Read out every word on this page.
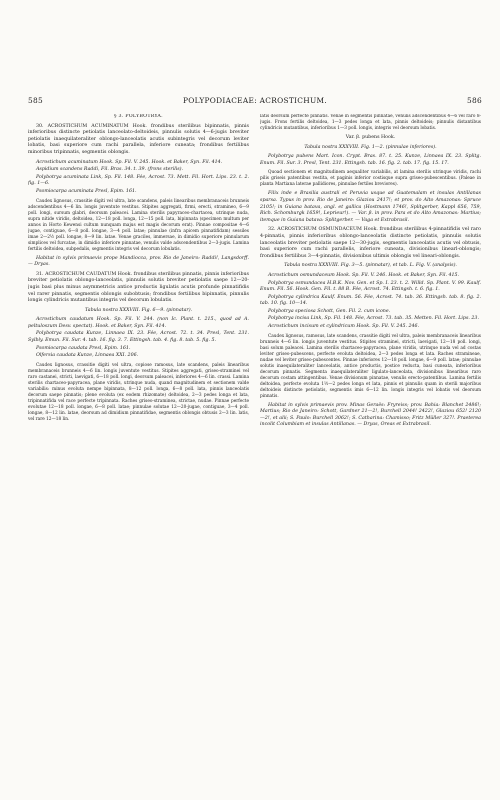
585	POLYPODIACEAE: ACROSTICHUM.	586

§ 3. POLYBOTRYA.

30. ACROSTICHUM ACUMINATUM Hook. frondibus sterilibus bipinnatis, pinnis inferioribus distincte petiolatis lanceolato-deltoideis, pinnulis solutis 4—6-jugis breviter petiolatis inaequilateraliter oblongo-lanceolatis acutis subintegris vel decorum leviter lobatis, basi superiore cum rachi parallela, inferiore cuneata; frondibus fertilibus minoribus tripinnatis, segmentis oblongis.

Acrostichum acuminatum Hook. Sp. Fil. V. 245. Hook. et Baker, Syn. Fil. 414.

Aspidium scandens Raddi, Fil. Bras. 34. t. 39. (frons sterilis).

Polybotrya acuminata Link, Sp. Fil. 148. Fée, Acrost. 73. Mett. Fil. Hort. Lips. 23. t. 2. fig. 1—6.

Psomiocarpa acuminata Presl, Epim. 161.

Caudex lignosus, crassitie digiti vel ultra, late scandens, paleis linearibus membranaceis brunneis adscendentibus 4—6 lin. longis juventute vestitus. Stipites aggregati, firmi, erecti, stramineo, 6—9 poll. longi, sursum glabri, deorsum paleacei. Lamina sterilis papyraceo-chartacea, utrinque nuda, supra nitide viridis, deltoidea, 12—18 poll. longa, 12—15 poll. lata, bipinnata (specimen multum per annos in Horto Kewensi cultum nunquam majus est magis decorum erat). Pinnae compositae 4—6 jugae, contiguae, 6—8 poll. longae, 3—4 poll. latae; pinnulae (infra apicem pinnatifidam) sessiles imae 2—2½ poll. longae, 8—9 lin. latae. Venae graciles, immersae, in dimidio superiore pinnularum simplices vel furcatae, in dimidio inferiore pinnatae, venulis valde adscendentibus 2—3-jugis. Lamina fertilis deltoidea, subpedalis, segmentis integris vel decorum lobulatis.

Habitat in sylvis primaevis prope Mandiocca, prov. Rio de Janeiro: Raddi!, Langsdorff. — Dryas.

31. ACROSTICHUM CAUDATUM Hook. frondibus sterilibus pinnatis, pinnis inferioribus breviter petiolatis oblongo-lanceolatis, pinnulis solutis breviter petiolatis saepe 12—20-jugis basi plus minus asymmetricis antice productis ligulatis acutis profunde pinnatifidis vel rarer pinnatis, segmentis oblongis subobtusis; frondibus fertilibus bipinnatis, pinnulis longis cylindricis mutantibus integris vel decorum lobulatis.

Tabula nostra XXXVIII. Fig. 6—9. (pinnatar).

Acrostichum caudatum Hook. Sp. Fil. V. 244. (non Ic. Plant. t. 215., quod ad A. peltuloszum Desv. spectat). Hook. et Baker, Syn. Fil. 414.

Polybotrya caudata Kunze, Linnaea IX. 23. Fée, Acrost. 72. t. 34. Presl, Tent. 231. Sylbly. Emun. Fil. Sur. 4. tab. 16. fig. 3. 7. Ettingsh. tab. 4. fig. 8. tab. 5. fig. 5.

Psomiocarpa caudata Presl, Epim. 161.

Olfersia caudata Kunze, Linnaea XXI. 206.

Caudex lignosus, crassitie digiti vel ultra, copiose ramosus, late scandens, paleis linearibus membranaceis brunneis 4—6 lin. longis juventute vestitus. Stipites aggregati, griseo-straminei vel raro castanei, stricti, laevigati, 6—18 poll. longi, deorsum paleacei, inferiores 4—6 lin. crassi. Lamina sterilis chartaceo-papyracea, plane viridis, utrinque nuda, quand magnitudinem et sectionem valde variabilis: minus evoluta nempe bipinnata, 8—12 poll. longa, 6—8 poll. lata, pinnis lanceolatis decorum saepe pinnatis; plene evoluta (ex eodem rhizomate) deltoidea, 2—3 pedes longa et lata, tripinnatifida vel race perfecte tripinnata. Raches griseo-straminea, strictae, nudae. Pinnae perfecte evolutae 12—18 poll. longae, 6—8 poll. latae; pinnulae solutae 12—20-jugae, contiguae, 3—4 poll. longae, 8—12 lin. latae, deorsum ad dimidium pinnatifidae, segmentis oblongis obtusis 2—3 lin. latis, vel rare 12—18 lin.

latis deorsum perfecte pinnatis. Venae in segmentis pinnatae, venulis adscendentibus 4—6 vel raro 8-jugis. Frons fertilis deltoidea, 1—3 pedes longa et lata, pinnis deltoideis; pinnulis distantibus cylindricis mutantibus, inferioribus 1—3 poll. longis, integris vel deorsum lobatis.

Var. β. pubens Hook.

Tabula nostra XXXVIII. Fig. 1—2. (pinnulae inferiores).

Polybotrya pubens Mart. Icon. Crypt. Bras. 87. t. 25. Kunze, Linnaea IX. 23. Splitg. Enum. Fil. Sur. 3. Presl, Tent. 231. Ettingsh. tab. 16. fig. 2. tab. 17. fig. 15. 17.

Quoad sectionem et magnitudinem aequaliter variabilis, at lamina sterilis utrinque viridis, rachi pilis griseis patentibus vestita, et paginis inferior costisque supra griseo-pubescentibus. (Paleae in planta Martiana laterae pallidiores, pinnulae fertiles breviores).

Filix inde e Brasilia australi et Peruvia usque ad Guatemalam et insulas Antillanas sparsa. Typus in prov. Rio de Janeiro: Glaziou 2417!; et prov. do Alto Amazonas: Spruce 2105!; in Guiana batava, angl. et gallica (Hostmann 1746!, Splitgerber, Kappl 656, 759, Rich. Schomburgk 1659!, Leprieur!). — Var. β. in prov. Para et do Alto Amazonas: Martius; itemque in Guiana batava: Splitgerber. — Vaga et Extrabrasil.

32. ACROSTICHUM OSMUNDACEUM Hook. frondibus sterilibus 4-pinnatifidis vel raro 4-pinnatis, pinnis inferioribus oblongo-lanceolatis distincte petiolatis, pinnulis solutis lanceolatis breviter petiolatis saepe 12—30-jugis, segmentis lanceolatis acutis vel obtusis, basi superiore cum rachi parallelis, inferiore cuneata, divisionibus linearl-oblongis; frondibus fertilibus 3—4-pinnatis, divisionibus ultimis oblongis vel lineari-oblongis.

Tabula nostra XXXVIII. Fig. 3—5. (pinnatar), et tab. L. Fig. V. (analysis).

Acrostichum osmundaceum Hook. Sp. Fil. V. 246. Hook. et Baker, Syn. Fil. 415.

Polybotrya osmundacea H.B.K. Nov. Gen. et Sp. I. 23. t. 2. Willd. Sp. Plant. V. 99. Kaulf. Enum. Fil. 56. Hook. Gen. Fil. t. 88 B. Fée, Acrost. 74. Ettingsh. t. 6. fig. 1.

Polybotrya cylindrica Kaulf. Enum. 56. Fée, Acrost. 74. tab. 36. Ettingsh. tab. 8. fig. 2. tab. 10. fig. 10—14.

Polybotrya speciosa Schott, Gen. Fil. 2. cum icone.

Polybotrya incisa Link, Sp. Fil. 148. Fée, Acrost. 73. tab. 35. Metten. Fil. Hort. Lips. 23.

Acrostichum incisum et cylindricum Hook. Sp. Fil. V. 245. 246.

Caudex lignosus, ramosus, late scandens, crassitie digiti vel ultra, paleis membranaceis linearibus brunneis 4—6 lin. longis juventute vestitus. Stipites straminei, stricti, laevigati, 12—18 poll. longi, basi solum paleacei. Lamina sterilis chartaceo-papyracea, plane viridis, utrinque nuda vel ad costas leviter griseo-pubescens, perfecte evoluta deltoidea, 2—3 pedes longa et lata. Raches stramineae, nudae vel leviter griseo-pubescentes. Pinnae inferiores 12—18 poll. longae, 6—9 poll. latae; pinnulae solutis inaequilateraliter lanceolatis, antice productis, postice reducta, basi cuneata, inferioribus decorum pinnatis. Segmenta inaequilateraliter ligulato-lanceolata, divisionibus linearibus raro decorum costam attingentibus. Venae divisionum pinnatae, venulis erecto-patentibus. Lamina fertilis deltoidea, perfecte evoluta 1½—2 pedes longa et lata, pinnis et pinnulis quam in sterili majoribus deltoideis distincte petiolatis, segmentis imis 6—12 lin. longis integris vel lobatis vel deorsum pinnatis.

Habitat in sylvis primaevis prov. Minas Geraës: Fryreiss; prov. Bahia: Blanchet 2486!; Martius; Rio de Janeiro: Schott, Gardner 21—2!, Burchell 2044! 2422!, Glaziou 652! 2120—2!, et alii; S. Paulo: Burchell 3062!; S. Catharina: Chamisso; Fritz Müller 327!. Praeterea incolit Columbiam et insulas Antillanas. — Dryas, Oreas et Extrabrasil.
